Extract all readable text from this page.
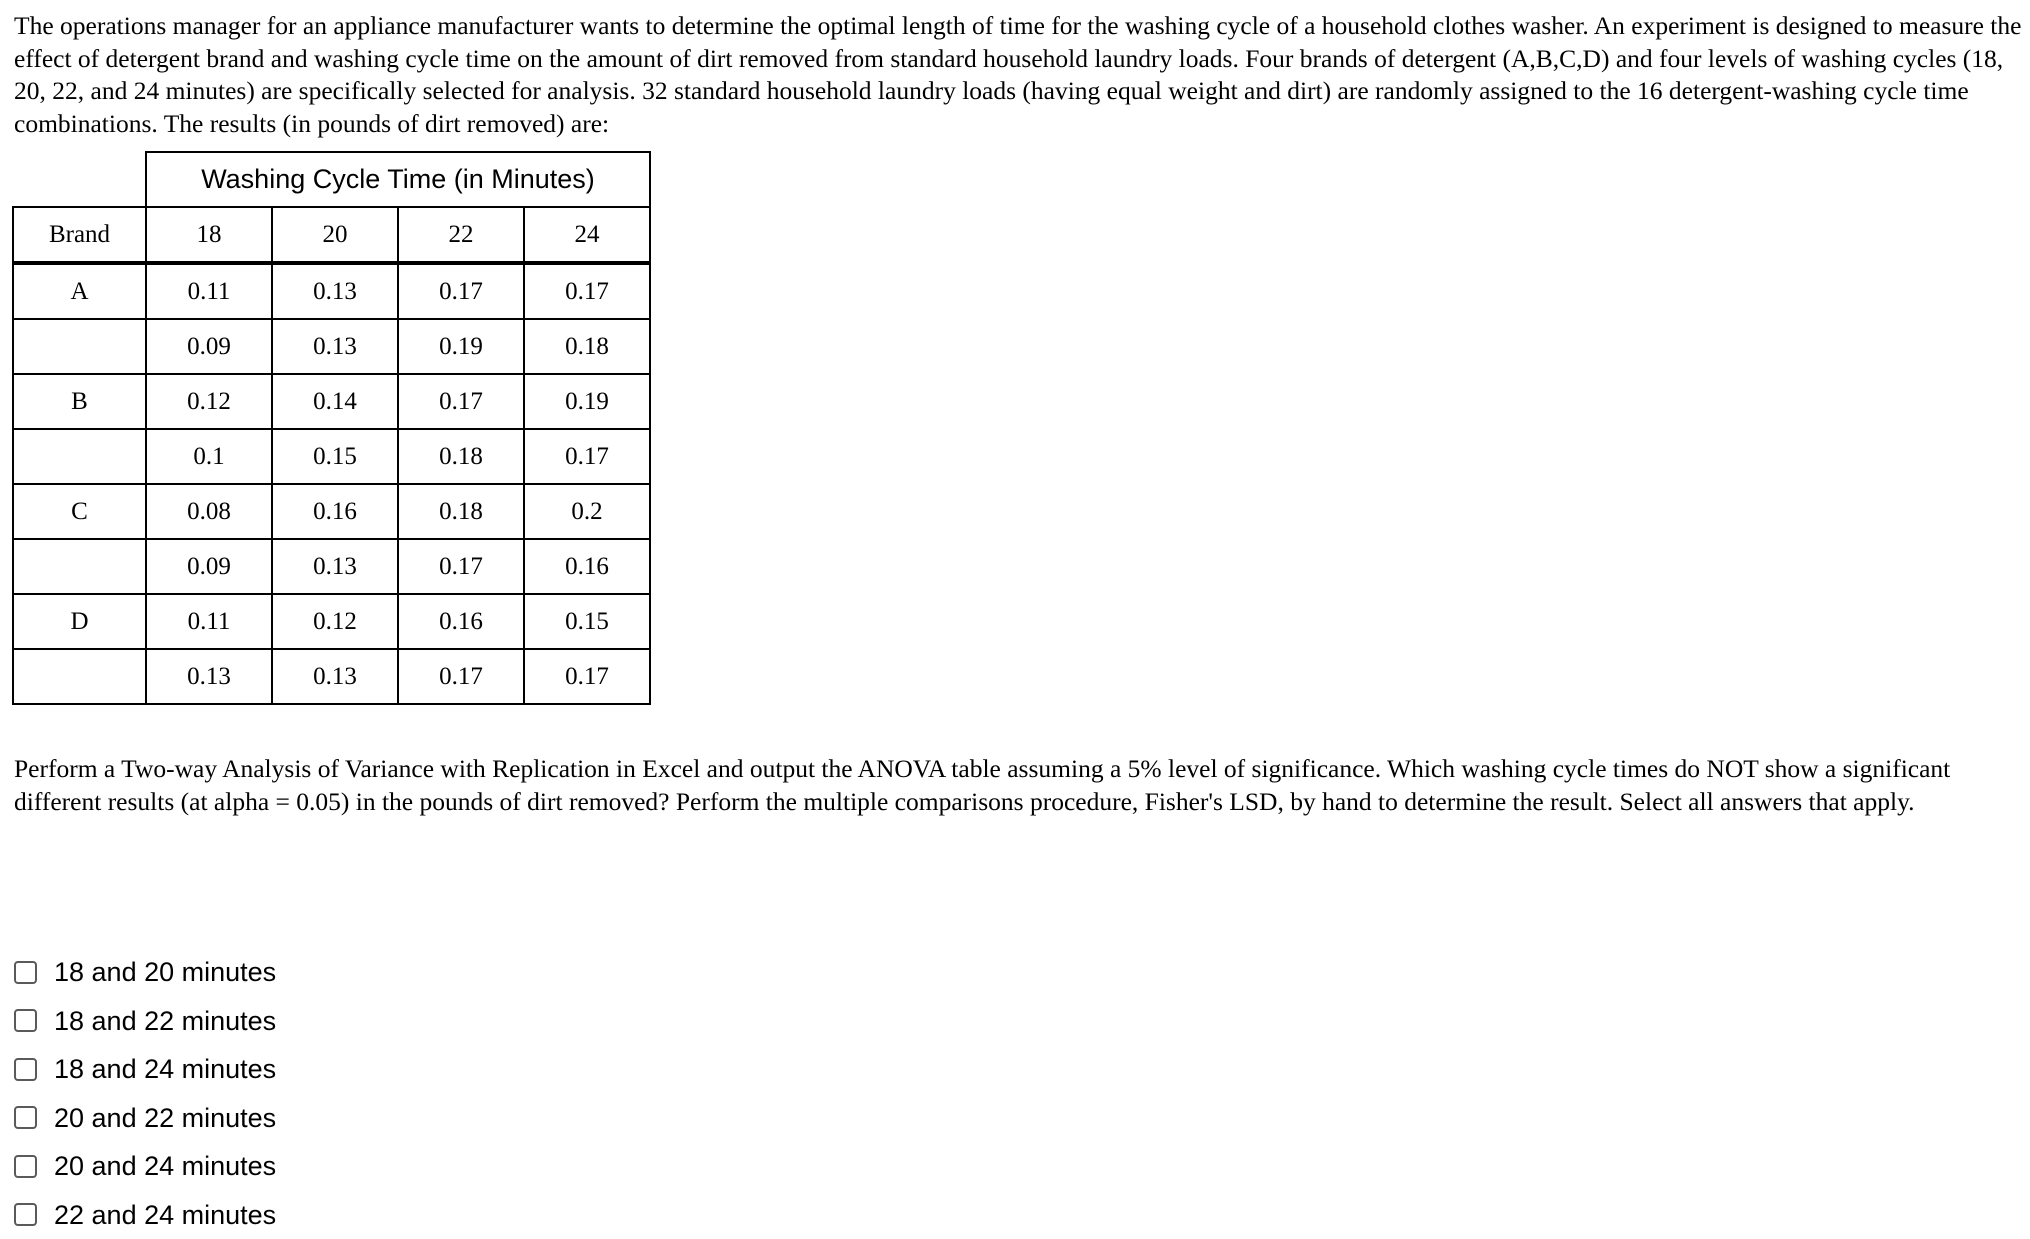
The operations manager for an appliance manufacturer wants to determine the optimal length of time for the washing cycle of a household clothes washer. An experiment is designed to measure the effect of detergent brand and washing cycle time on the amount of dirt removed from standard household laundry loads. Four brands of detergent (A,B,C,D) and four levels of washing cycles (18, 20, 22, and 24 minutes) are specifically selected for analysis. 32 standard household laundry loads (having equal weight and dirt) are randomly assigned to the 16 detergent-washing cycle time combinations. The results (in pounds of dirt removed) are:

	Washing Cycle Time (in Minutes)			
Brand	18	20	22	24
A	0.11	0.13	0.17	0.17
	0.09	0.13	0.19	0.18
B	0.12	0.14	0.17	0.19
	0.1	0.15	0.18	0.17
C	0.08	0.16	0.18	0.2
	0.09	0.13	0.17	0.16
D	0.11	0.12	0.16	0.15
	0.13	0.13	0.17	0.17

Perform a Two-way Analysis of Variance with Replication in Excel and output the ANOVA table assuming a 5% level of significance. Which washing cycle times do NOT show a significant different results (at alpha = 0.05) in the pounds of dirt removed? Perform the multiple comparisons procedure, Fisher's LSD, by hand to determine the result. Select all answers that apply.

18 and 20 minutes
18 and 22 minutes
18 and 24 minutes
20 and 22 minutes
20 and 24 minutes
22 and 24 minutes
